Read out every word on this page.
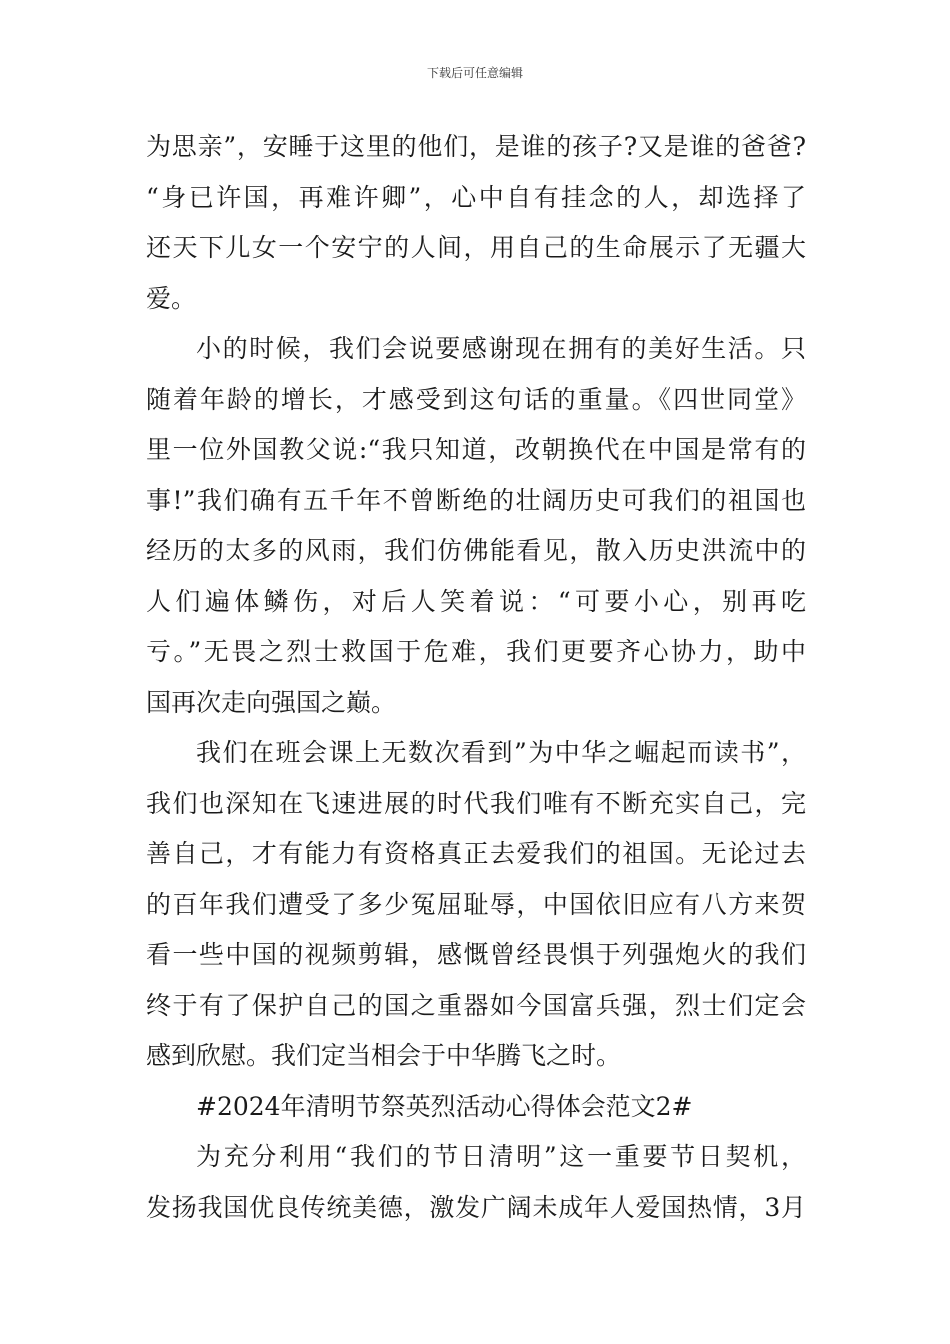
下载后可任意编辑
为思亲”，安睡于这里的他们，是谁的孩子?又是谁的爸爸?
“身已许国，再难许卿”，心中自有挂念的人，却选择了
还天下儿女一个安宁的人间，用自己的生命展示了无疆大
爱。
小的时候，我们会说要感谢现在拥有的美好生活。只
随着年龄的增长，才感受到这句话的重量。《四世同堂》
里一位外国教父说:“我只知道，改朝换代在中国是常有的
事!”我们确有五千年不曾断绝的壮阔历史可我们的祖国也
经历的太多的风雨，我们仿佛能看见，散入历史洪流中的
人们遍体鳞伤，对后人笑着说：“可要小心，别再吃
亏。”无畏之烈士救国于危难，我们更要齐心协力，助中
国再次走向强国之巅。
我们在班会课上无数次看到”为中华之崛起而读书”，
我们也深知在飞速进展的时代我们唯有不断充实自己，完
善自己，才有能力有资格真正去爱我们的祖国。无论过去
的百年我们遭受了多少冤屈耻辱，中国依旧应有八方来贺
看一些中国的视频剪辑，感慨曾经畏惧于列强炮火的我们
终于有了保护自己的国之重器如今国富兵强，烈士们定会
感到欣慰。我们定当相会于中华腾飞之时。
#2024年清明节祭英烈活动心得体会范文2#
为充分利用“我们的节日清明”这一重要节日契机，
发扬我国优良传统美德，激发广阔未成年人爱国热情，3月
